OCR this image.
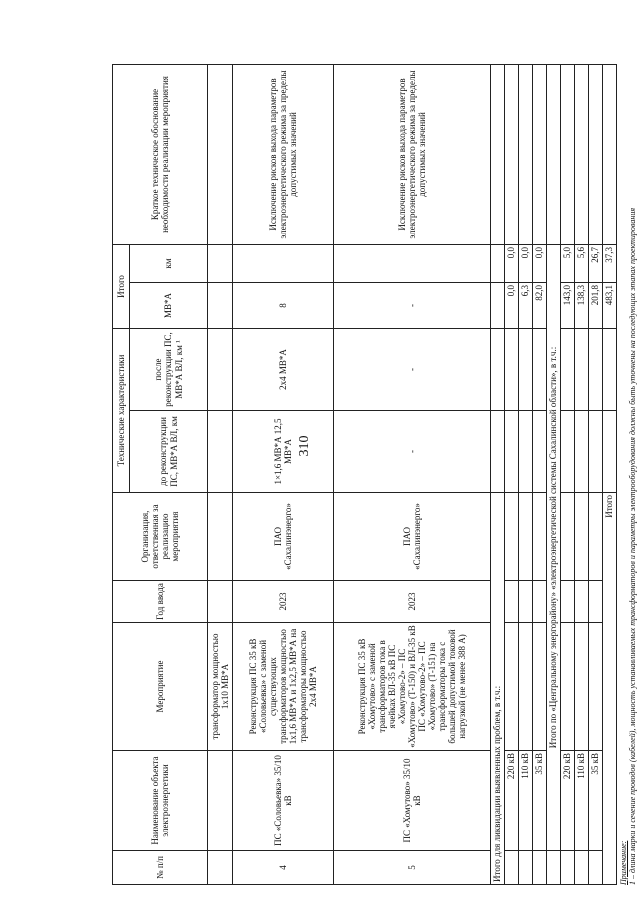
310
№ п/п	Наименование объекта электроэнергетики	Мероприятие	Год ввода	Организация, ответственная за реализацию мероприятия	Технические характеристики		Итого		Краткое техническое обоснование необходимости реализации мероприятия
					до реконструкции ПС, МВ*А ВЛ, км	после реконструкции ПС, МВ*А ВЛ, км ¹	МВ*А	км	
		трансформатор мощностью 1х10 МВ*А							
4	ПС «Соловьевка» 35/10 кВ	Реконструкция ПС 35 кВ «Соловьевка» с заменой существующих трансформаторов мощностью 1х1,6 МВ*А и 1х2,5 МВ*А на трансформаторы мощностью 2х4 МВ*А	2023	ПАО «Сахалинэнерго»	1×1,6 МВ*А 12,5 МВ*А	2х4 МВ*А	8		Исключение рисков выхода параметров электроэнергетического режима за пределы допустимых значений
5	ПС «Хомутово» 35/10 кВ	Реконструкция ПС 35 кВ «Хомутово» с заменой трансформаторов тока в ячейках ВЛ-35 кВ ПС «Хомутово-2» – ПС «Хомутово» (Т-150) и ВЛ-35 кВ ПС «Хомутово-2» – ПС «Хомутово» (Т-151) на трансформаторы тока с большей допустимой токовой нагрузкой (не менее 388 А)	2023	ПАО «Сахалинэнерго»	-	-	-		Исключение рисков выхода параметров электроэнергетического режима за пределы допустимых значений
Итого для ликвидации выявленных проблем, в т.ч.:									
	220 кВ						0,0	0,0	
	110 кВ						6,3	0,0	
	35 кВ						82,0	0,0	
	Итого по «Центральному энергорайону» «электроэнергетической системы Сахалинской области», в т.ч.:								
	220 кВ						143,0	5,0	
	110 кВ						138,3	5,6	
	35 кВ						201,8	26,7	
Итого							483,1	37,3	
Примечание: 1 – длина марки и сечение проводов (кабелей), мощность устанавливаемых трансформаторов и параметры электрооборудования должны быть уточнены на последующих этапах проектирования
